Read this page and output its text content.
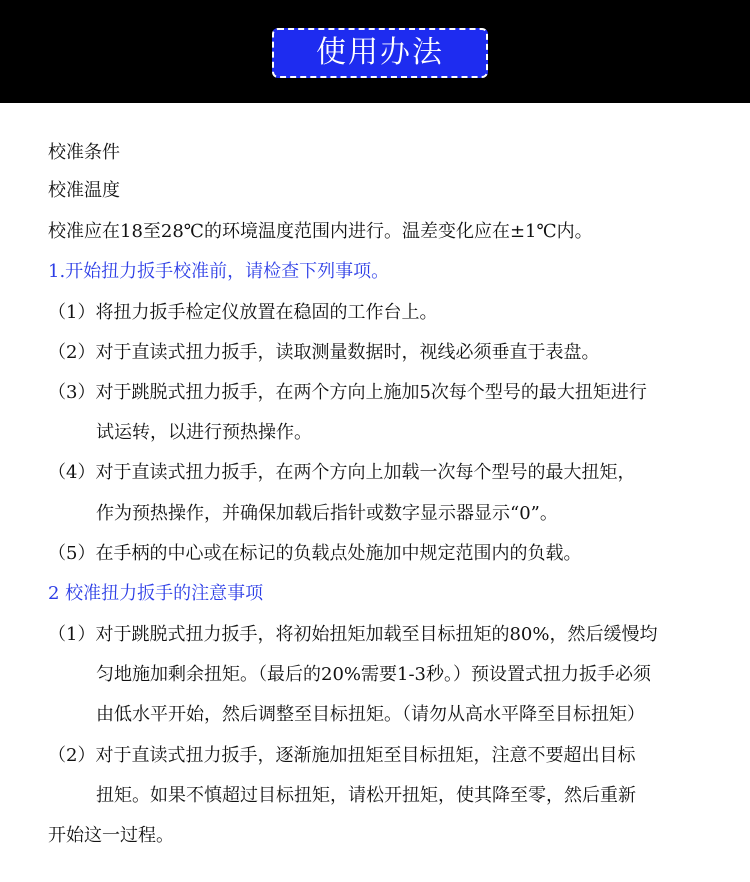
使用办法
校准条件
校准温度
校准应在18至28℃的环境温度范围内进行。温差变化应在±1℃内。
1.开始扭力扳手校准前，请检查下列事项。
（1）将扭力扳手检定仪放置在稳固的工作台上。
（2）对于直读式扭力扳手，读取测量数据时，视线必须垂直于表盘。
（3）对于跳脱式扭力扳手，在两个方向上施加5次每个型号的最大扭矩进行
试运转，以进行预热操作。
（4）对于直读式扭力扳手，在两个方向上加载一次每个型号的最大扭矩，
作为预热操作，并确保加载后指针或数字显示器显示“0”。
（5）在手柄的中心或在标记的负载点处施加中规定范围内的负载。
2 校准扭力扳手的注意事项
（1）对于跳脱式扭力扳手，将初始扭矩加载至目标扭矩的80%，然后缓慢均
匀地施加剩余扭矩。（最后的20%需要1-3秒。）预设置式扭力扳手必须
由低水平开始，然后调整至目标扭矩。（请勿从高水平降至目标扭矩）
（2）对于直读式扭力扳手，逐渐施加扭矩至目标扭矩，注意不要超出目标
扭矩。如果不慎超过目标扭矩，请松开扭矩，使其降至零，然后重新
开始这一过程。
